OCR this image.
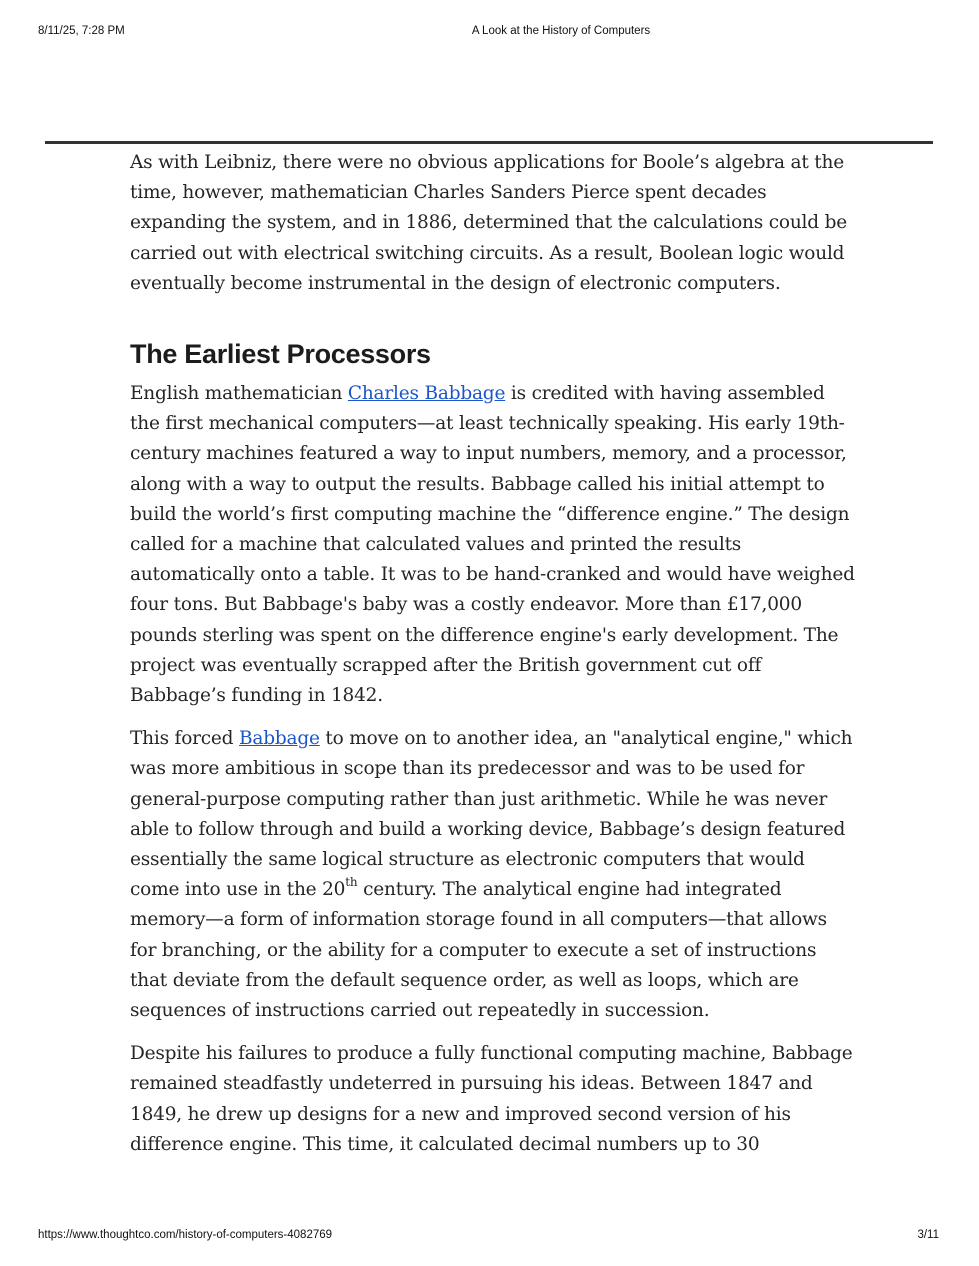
8/11/25, 7:28 PM	A Look at the History of Computers

As with Leibniz, there were no obvious applications for Boole’s algebra at the time, however, mathematician Charles Sanders Pierce spent decades expanding the system, and in 1886, determined that the calculations could be carried out with electrical switching circuits. As a result, Boolean logic would eventually become instrumental in the design of electronic computers.

The Earliest Processors

English mathematician Charles Babbage is credited with having assembled the first mechanical computers—at least technically speaking. His early 19th-century machines featured a way to input numbers, memory, and a processor, along with a way to output the results. Babbage called his initial attempt to build the world’s first computing machine the “difference engine.” The design called for a machine that calculated values and printed the results automatically onto a table. It was to be hand-cranked and would have weighed four tons. But Babbage's baby was a costly endeavor. More than £17,000 pounds sterling was spent on the difference engine's early development. The project was eventually scrapped after the British government cut off Babbage’s funding in 1842.

This forced Babbage to move on to another idea, an "analytical engine," which was more ambitious in scope than its predecessor and was to be used for general-purpose computing rather than just arithmetic. While he was never able to follow through and build a working device, Babbage’s design featured essentially the same logical structure as electronic computers that would come into use in the 20th century. The analytical engine had integrated memory—a form of information storage found in all computers—that allows for branching, or the ability for a computer to execute a set of instructions that deviate from the default sequence order, as well as loops, which are sequences of instructions carried out repeatedly in succession.

Despite his failures to produce a fully functional computing machine, Babbage remained steadfastly undeterred in pursuing his ideas. Between 1847 and 1849, he drew up designs for a new and improved second version of his difference engine. This time, it calculated decimal numbers up to 30

https://www.thoughtco.com/history-of-computers-4082769	3/11
